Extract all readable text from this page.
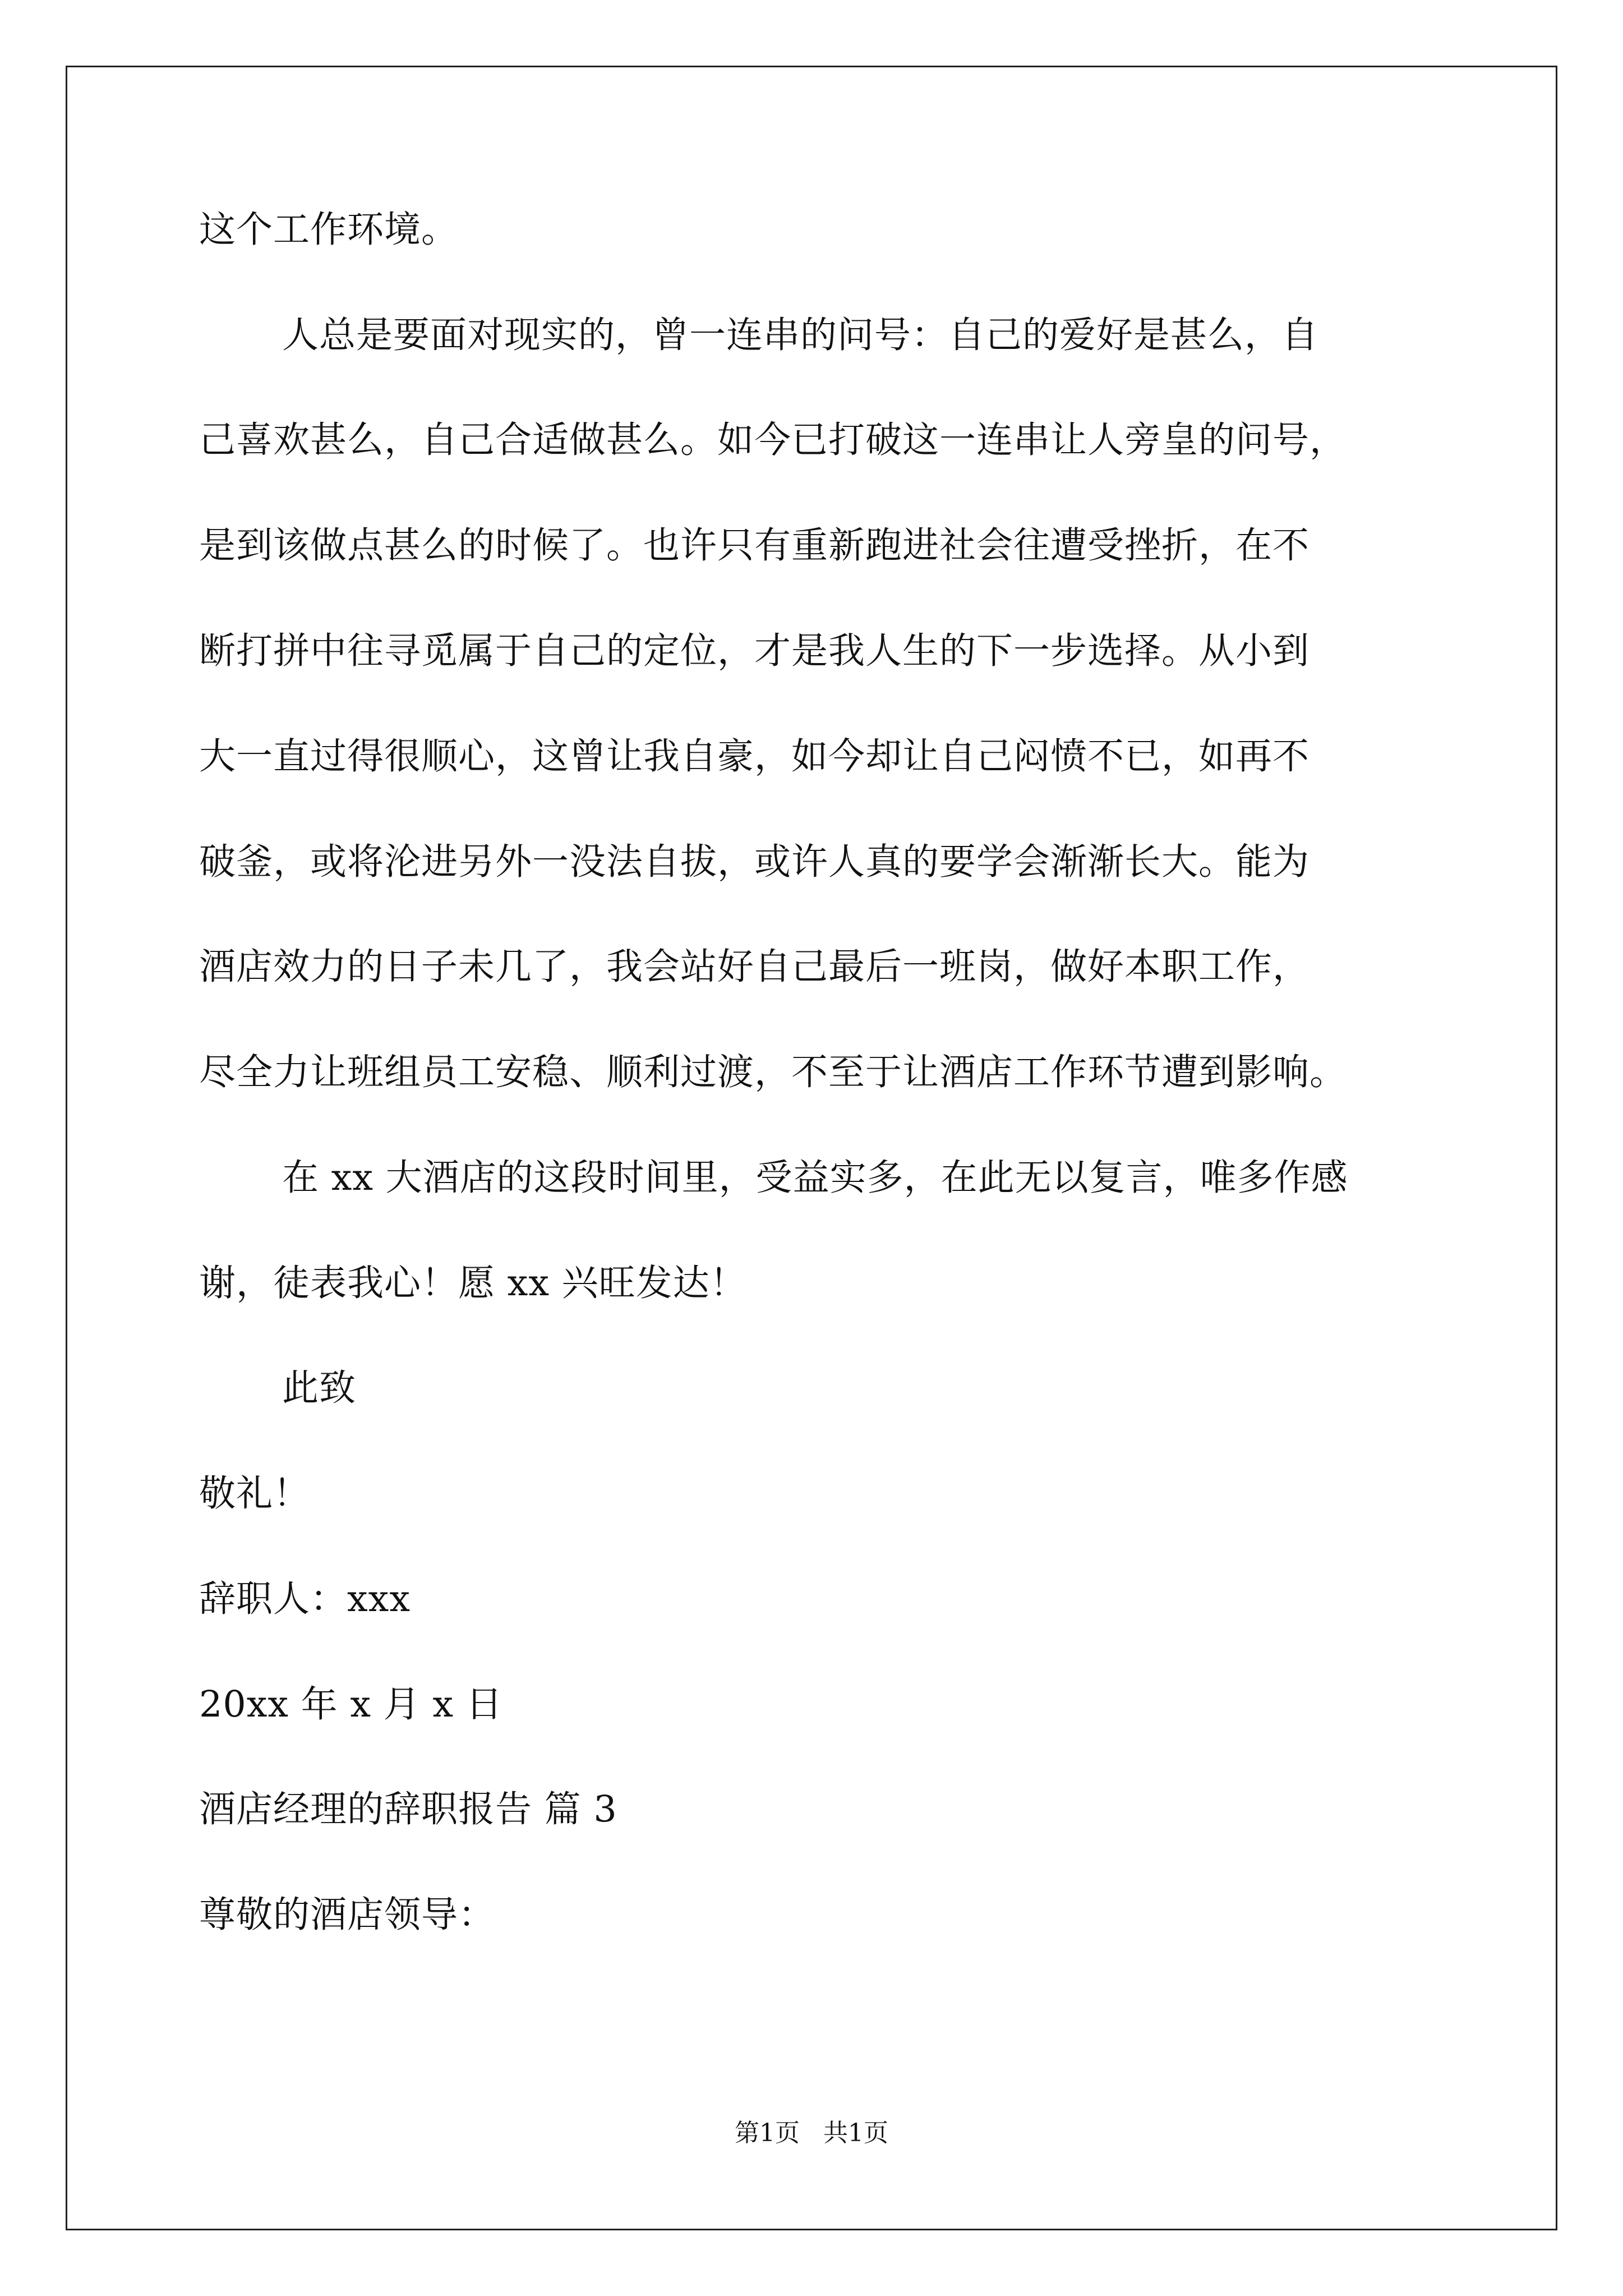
这个工作环境。
人总是要面对现实的，曾一连串的问号：自己的爱好是甚么，自
己喜欢甚么，自己合适做甚么。如今已打破这一连串让人旁皇的问号，
是到该做点甚么的时候了。也许只有重新跑进社会往遭受挫折，在不
断打拼中往寻觅属于自己的定位，才是我人生的下一步选择。从小到
大一直过得很顺心，这曾让我自豪，如今却让自己闷愤不已，如再不
破釜，或将沦进另外一没法自拔，或许人真的要学会渐渐长大。能为
酒店效力的日子未几了，我会站好自己最后一班岗，做好本职工作，
尽全力让班组员工安稳、顺利过渡，不至于让酒店工作环节遭到影响。
在 xx 大酒店的这段时间里，受益实多，在此无以复言，唯多作感
谢，徒表我心！愿 xx 兴旺发达！
此致
敬礼！
辞职人：xxx
20xx 年 x 月 x 日
酒店经理的辞职报告 篇 3
尊敬的酒店领导：
第1页   共1页
